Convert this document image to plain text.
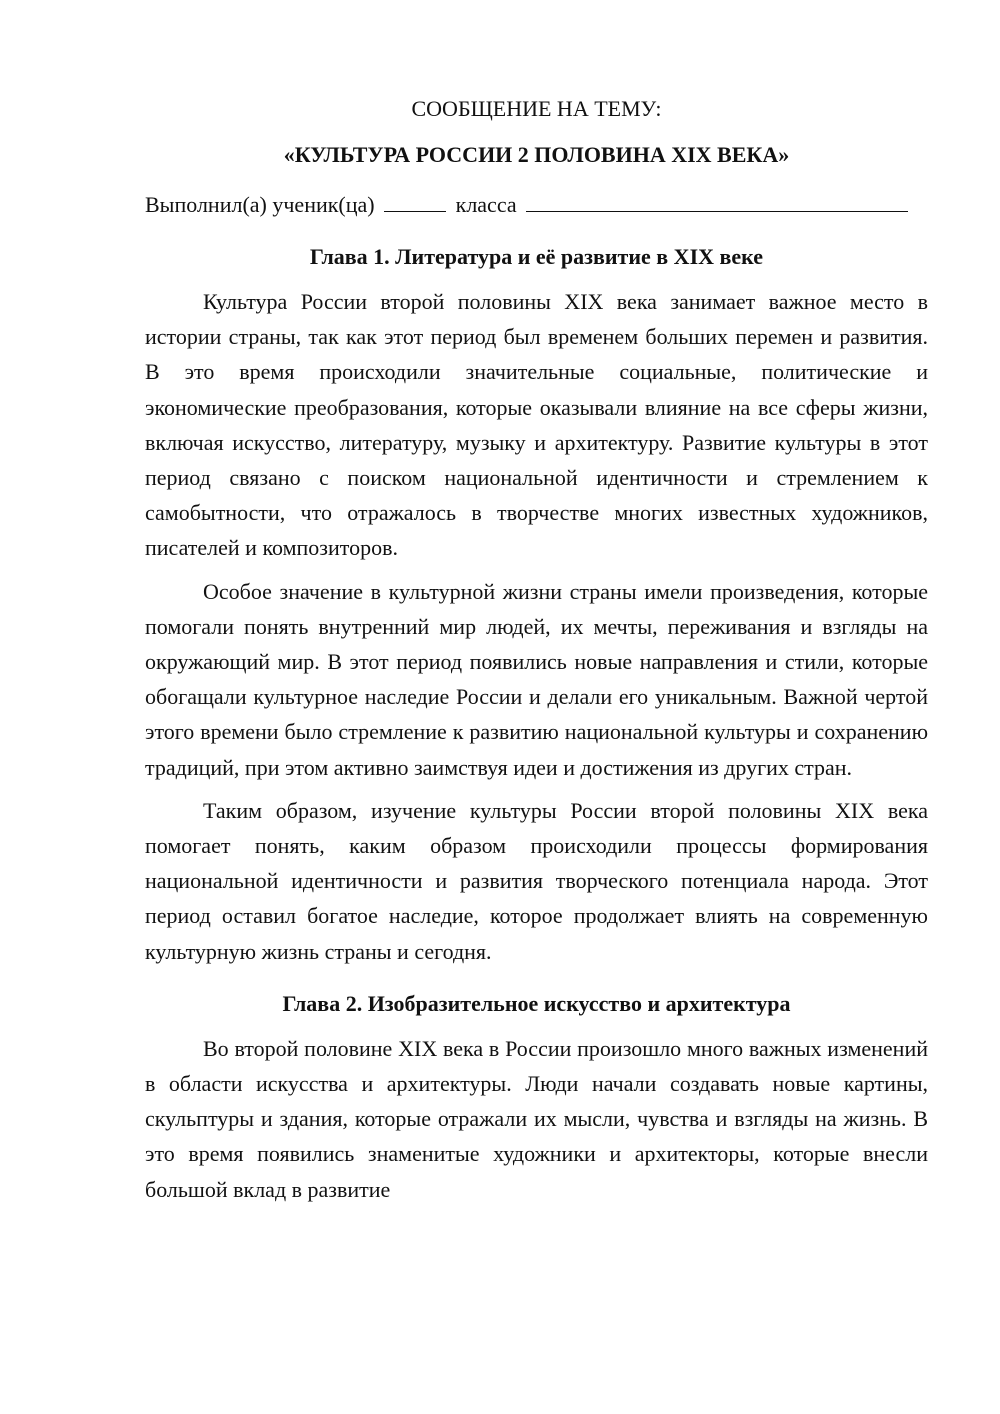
СООБЩЕНИЕ НА ТЕМУ:

«КУЛЬТУРА РОССИИ 2 ПОЛОВИНА XIX ВЕКА»

Выполнил(а) ученик(ца)	класса
Глава 1. Литература и её развитие в XIX веке

Культура России второй половины XIX века занимает важное место в истории страны, так как этот период был временем больших перемен и развития. В это время происходили значительные социальные, политические и экономические преобразования, которые оказывали влияние на все сферы жизни, включая искусство, литературу, музыку и архитектуру. Развитие культуры в этот период связано с поиском национальной идентичности и стремлением к самобытности, что отражалось в творчестве многих известных художников, писателей и композиторов.

Особое значение в культурной жизни страны имели произведения, которые помогали понять внутренний мир людей, их мечты, переживания и взгляды на окружающий мир. В этот период появились новые направления и стили, которые обогащали культурное наследие России и делали его уникальным. Важной чертой этого времени было стремление к развитию национальной культуры и сохранению традиций, при этом активно заимствуя идеи и достижения из других стран.

Таким образом, изучение культуры России второй половины XIX века помогает понять, каким образом происходили процессы формирования национальной идентичности и развития творческого потенциала народа. Этот период оставил богатое наследие, которое продолжает влиять на современную культурную жизнь страны и сегодня.

Глава 2. Изобразительное искусство и архитектура

Во второй половине XIX века в России произошло много важных изменений в области искусства и архитектуры. Люди начали создавать новые картины, скульптуры и здания, которые отражали их мысли, чувства и взгляды на жизнь. В это время появились знаменитые художники и архитекторы, которые внесли большой вклад в развитие
